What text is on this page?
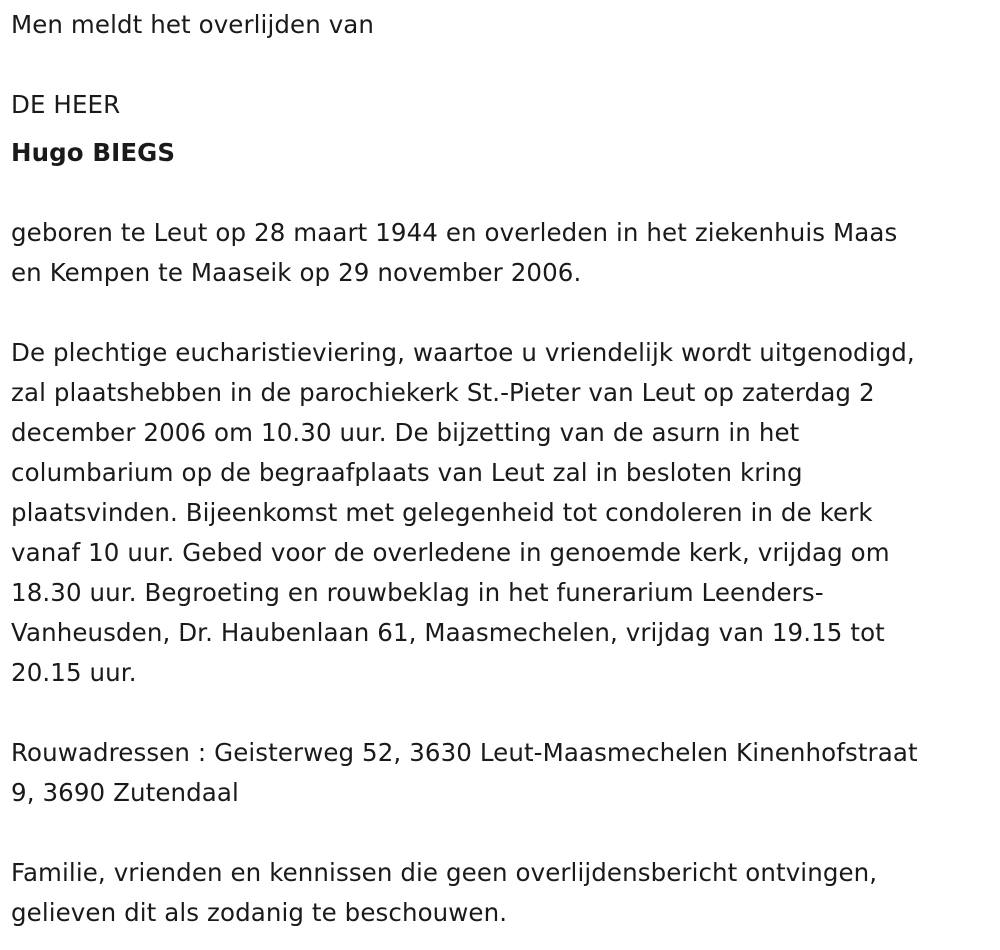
Men meldt het overlijden van
DE HEER
Hugo BIEGS
geboren te Leut op 28 maart 1944 en overleden in het ziekenhuis Maas
en Kempen te Maaseik op 29 november 2006.
De plechtige eucharistieviering, waartoe u vriendelijk wordt uitgenodigd,
zal plaatshebben in de parochiekerk St.-Pieter van Leut op zaterdag 2
december 2006 om 10.30 uur. De bijzetting van de asurn in het
columbarium op de begraafplaats van Leut zal in besloten kring
plaatsvinden. Bijeenkomst met gelegenheid tot condoleren in de kerk
vanaf 10 uur. Gebed voor de overledene in genoemde kerk, vrijdag om
18.30 uur. Begroeting en rouwbeklag in het funerarium Leenders-
Vanheusden, Dr. Haubenlaan 61, Maasmechelen, vrijdag van 19.15 tot
20.15 uur.
Rouwadressen : Geisterweg 52, 3630 Leut-Maasmechelen Kinenhofstraat
9, 3690 Zutendaal
Familie, vrienden en kennissen die geen overlijdensbericht ontvingen,
gelieven dit als zodanig te beschouwen.
